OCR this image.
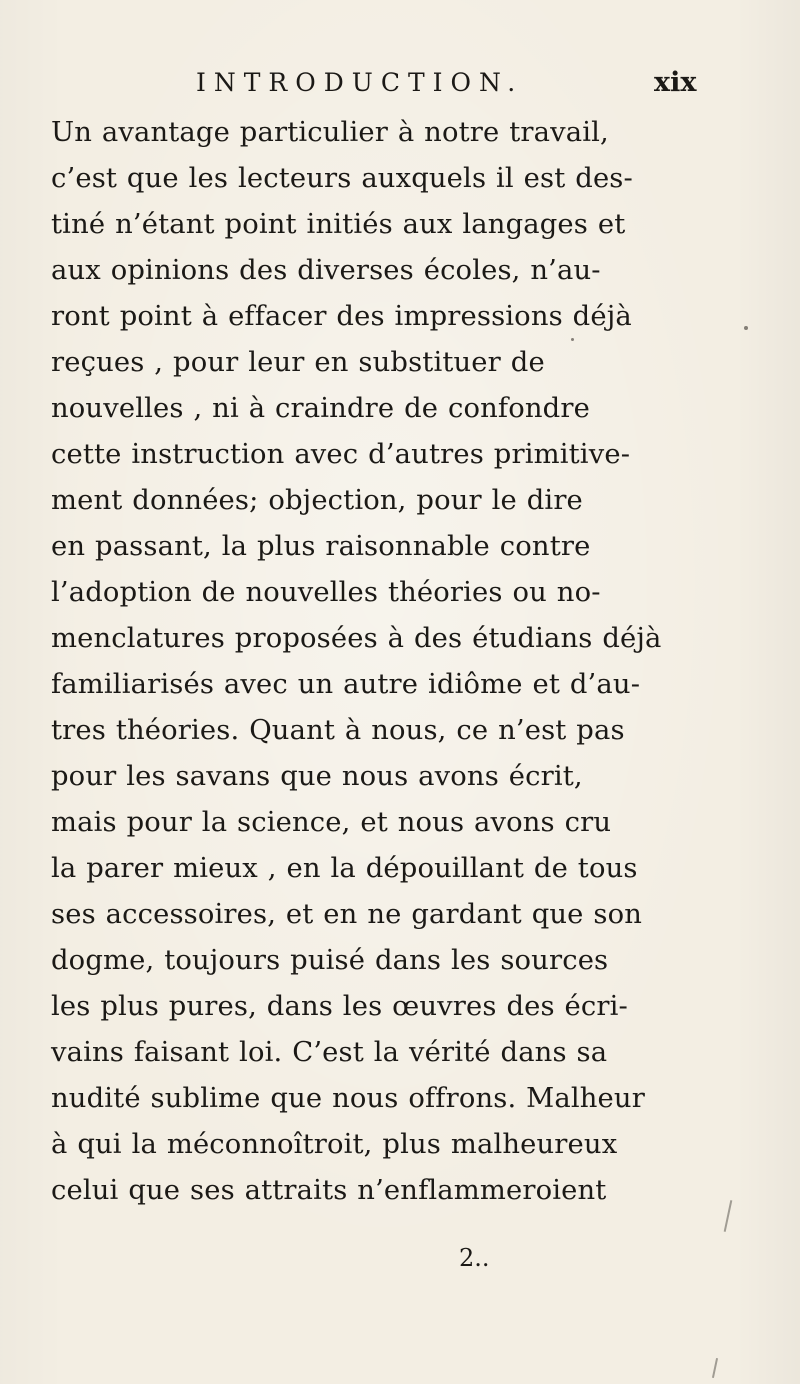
INTRODUCTION.	xix
Un avantage particulier à notre travail,
c’est que les lecteurs auxquels il est des-
tiné n’étant point initiés aux langages et
aux opinions des diverses écoles, n’au-
ront point à effacer des impressions déjà
reçues , pour leur en substituer de
nouvelles , ni à craindre de confondre
cette instruction avec d’autres primitive-
ment données; objection, pour le dire
en passant, la plus raisonnable contre
l’adoption de nouvelles théories ou no-
menclatures proposées à des étudians déjà
familiarisés avec un autre idiôme et d’au-
tres théories. Quant à nous, ce n’est pas
pour les savans que nous avons écrit,
mais pour la science, et nous avons cru
la parer mieux , en la dépouillant de tous
ses accessoires, et en ne gardant que son
dogme, toujours puisé dans les sources
les plus pures, dans les œuvres des écri-
vains faisant loi. C’est la vérité dans sa
nudité sublime que nous offrons. Malheur
à qui la méconnoîtroit, plus malheureux
celui que ses attraits n’enflammeroient
2..
